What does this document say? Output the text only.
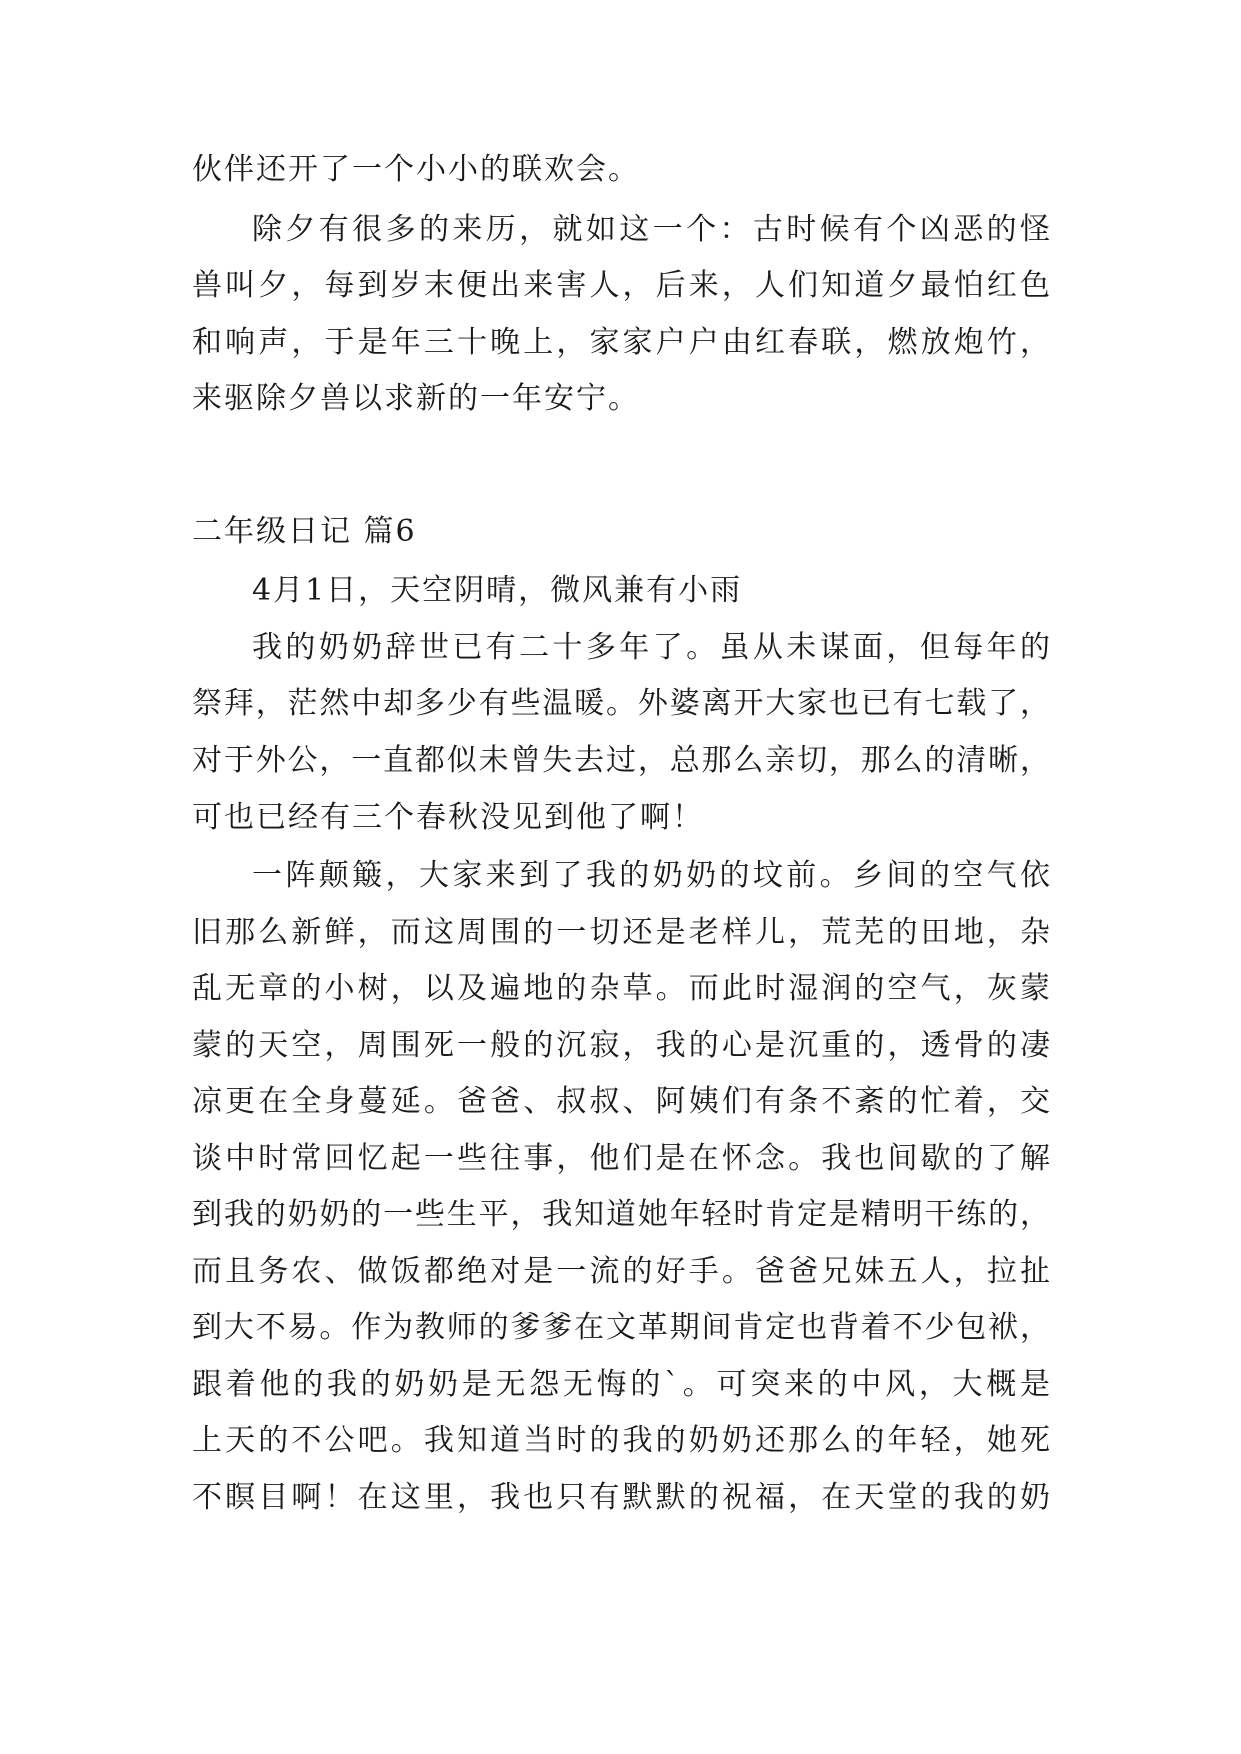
伙伴还开了一个小小的联欢会。
除夕有很多的来历，就如这一个：古时候有个凶恶的怪
兽叫夕，每到岁末便出来害人，后来，人们知道夕最怕红色
和响声，于是年三十晚上，家家户户由红春联，燃放炮竹，
来驱除夕兽以求新的一年安宁。
二年级日记 篇6
4月1日，天空阴晴，微风兼有小雨
我的奶奶辞世已有二十多年了。虽从未谋面，但每年的
祭拜，茫然中却多少有些温暖。外婆离开大家也已有七载了，
对于外公，一直都似未曾失去过，总那么亲切，那么的清晰，
可也已经有三个春秋没见到他了啊！
一阵颠簸，大家来到了我的奶奶的坟前。乡间的空气依
旧那么新鲜，而这周围的一切还是老样儿，荒芜的田地，杂
乱无章的小树，以及遍地的杂草。而此时湿润的空气，灰蒙
蒙的天空，周围死一般的沉寂，我的心是沉重的，透骨的凄
凉更在全身蔓延。爸爸、叔叔、阿姨们有条不紊的忙着，交
谈中时常回忆起一些往事，他们是在怀念。我也间歇的了解
到我的奶奶的一些生平，我知道她年轻时肯定是精明干练的，
而且务农、做饭都绝对是一流的好手。爸爸兄妹五人，拉扯
到大不易。作为教师的爹爹在文革期间肯定也背着不少包袱，
跟着他的我的奶奶是无怨无悔的`。可突来的中风，大概是
上天的不公吧。我知道当时的我的奶奶还那么的年轻，她死
不瞑目啊！在这里，我也只有默默的祝福，在天堂的我的奶
